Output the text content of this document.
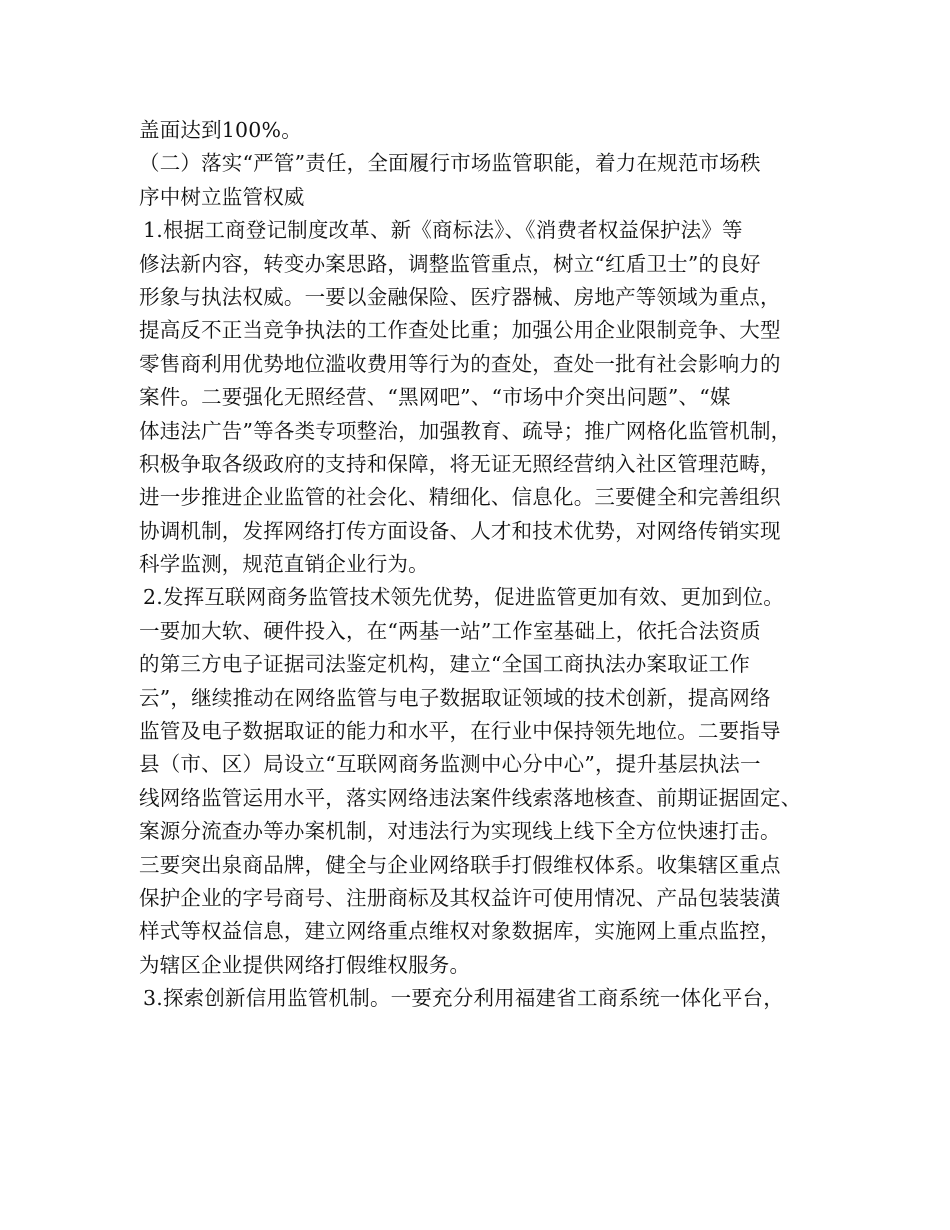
盖面达到100%。
（二）落实“严管”责任，全面履行市场监管职能，着力在规范市场秩
序中树立监管权威
1.根据工商登记制度改革、新《商标法》、《消费者权益保护法》等
修法新内容，转变办案思路，调整监管重点，树立“红盾卫士”的良好
形象与执法权威。一要以金融保险、医疗器械、房地产等领域为重点，
提高反不正当竞争执法的工作查处比重；加强公用企业限制竞争、大型
零售商利用优势地位滥收费用等行为的查处，查处一批有社会影响力的
案件。二要强化无照经营、“黑网吧”、“市场中介突出问题”、“媒
体违法广告”等各类专项整治，加强教育、疏导；推广网格化监管机制，
积极争取各级政府的支持和保障，将无证无照经营纳入社区管理范畴，
进一步推进企业监管的社会化、精细化、信息化。三要健全和完善组织
协调机制，发挥网络打传方面设备、人才和技术优势，对网络传销实现
科学监测，规范直销企业行为。
2.发挥互联网商务监管技术领先优势，促进监管更加有效、更加到位。
一要加大软、硬件投入，在“两基一站”工作室基础上，依托合法资质
的第三方电子证据司法鉴定机构，建立“全国工商执法办案取证工作
云”，继续推动在网络监管与电子数据取证领域的技术创新，提高网络
监管及电子数据取证的能力和水平，在行业中保持领先地位。二要指导
县（市、区）局设立“互联网商务监测中心分中心”，提升基层执法一
线网络监管运用水平，落实网络违法案件线索落地核查、前期证据固定、
案源分流查办等办案机制，对违法行为实现线上线下全方位快速打击。
三要突出泉商品牌，健全与企业网络联手打假维权体系。收集辖区重点
保护企业的字号商号、注册商标及其权益许可使用情况、产品包装装潢
样式等权益信息，建立网络重点维权对象数据库，实施网上重点监控，
为辖区企业提供网络打假维权服务。
3.探索创新信用监管机制。一要充分利用福建省工商系统一体化平台，
